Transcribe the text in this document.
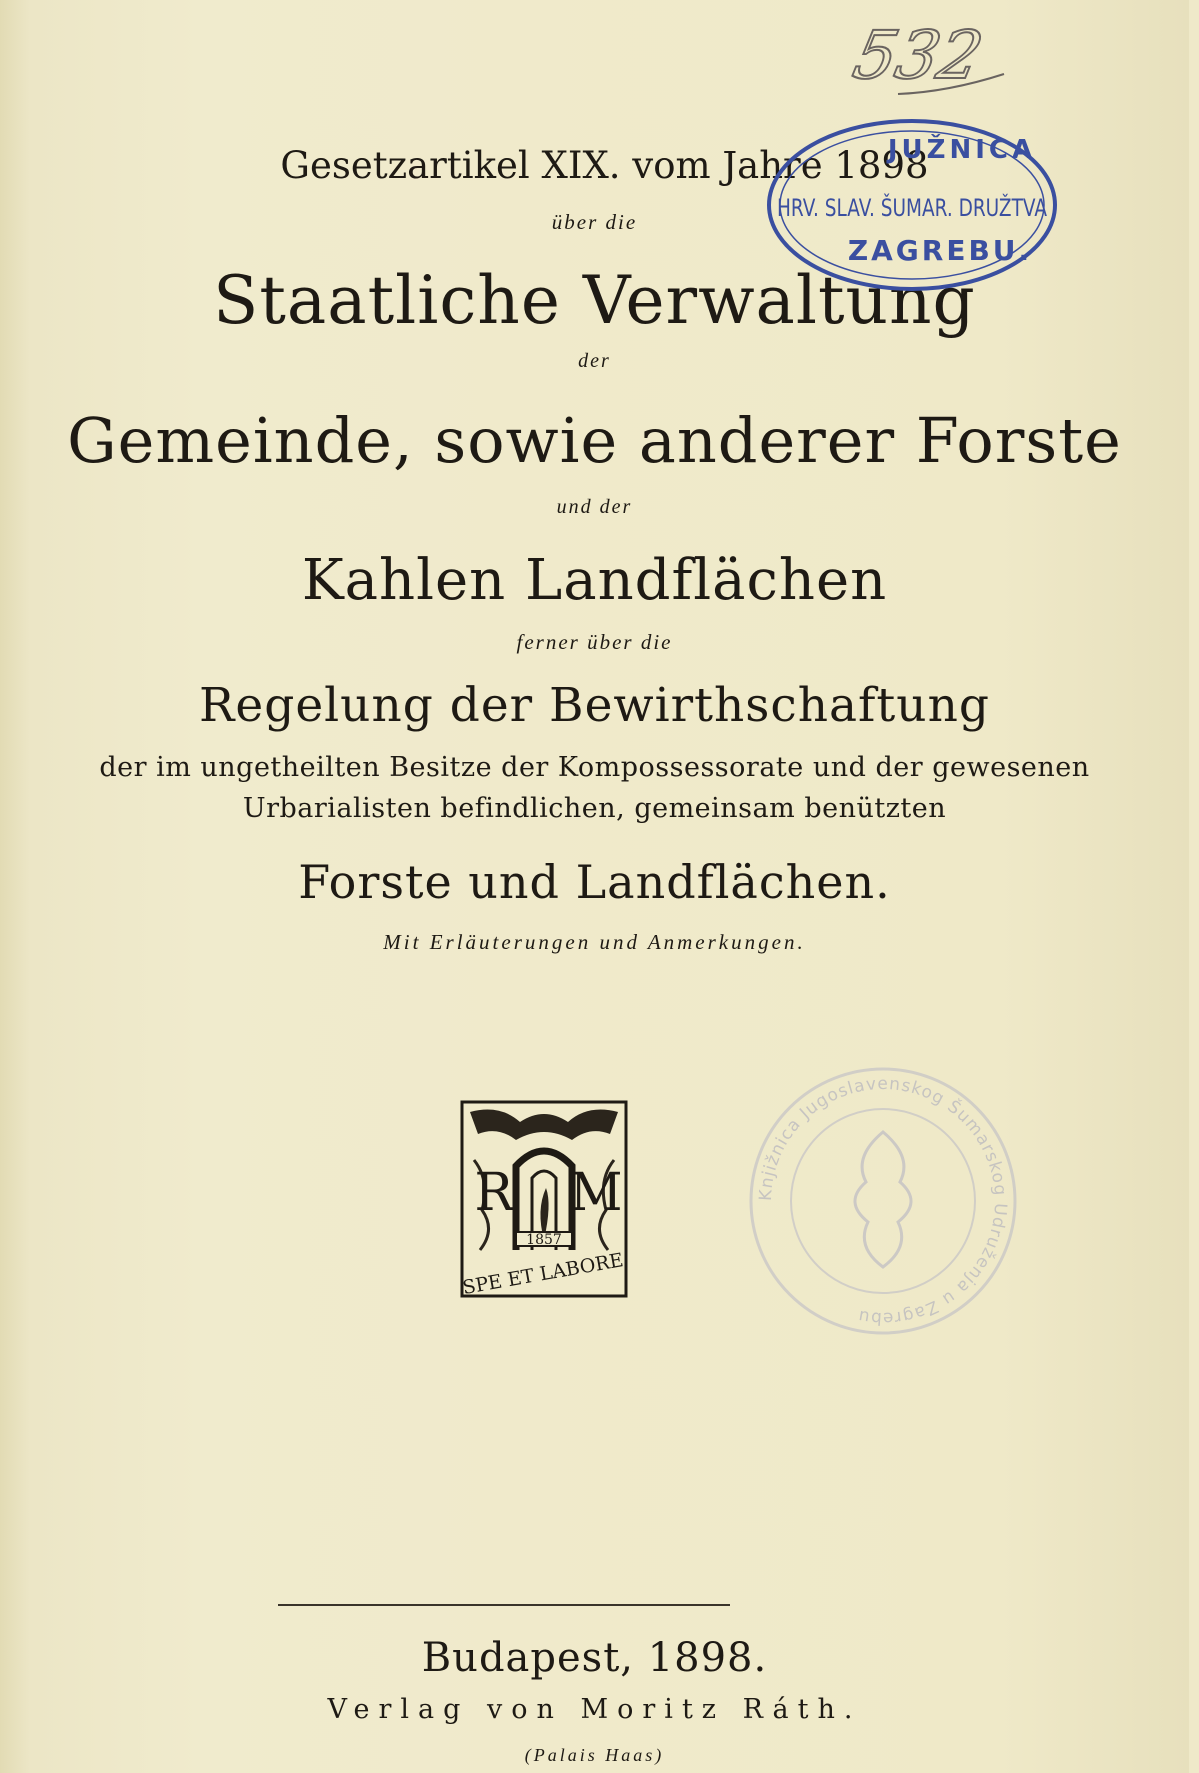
532
Gesetzartikel XIX. vom Jahre 1898
über die
Staatliche Verwaltung
der
Gemeinde, sowie anderer Forste
und der
Kahlen Landflächen
ferner über die
Regelung der Bewirthschaftung
der im ungetheilten Besitze der Kompossessorate und der gewesenen
Urbarialisten befindlichen, gemeinsam benützten
Forste und Landflächen.
Mit Erläuterungen und Anmerkungen.
JUŽNICA
HRV. SLAV. ŠUMAR. DRUŽTVA
ZAGREBU.
R M
1857
SPE ET LABORE
Knjižnica Jugoslavenskog Šumarskog Udruženja u Zagrebu
Budapest, 1898.
Verlag von Moritz Ráth.
(Palais Haas)
